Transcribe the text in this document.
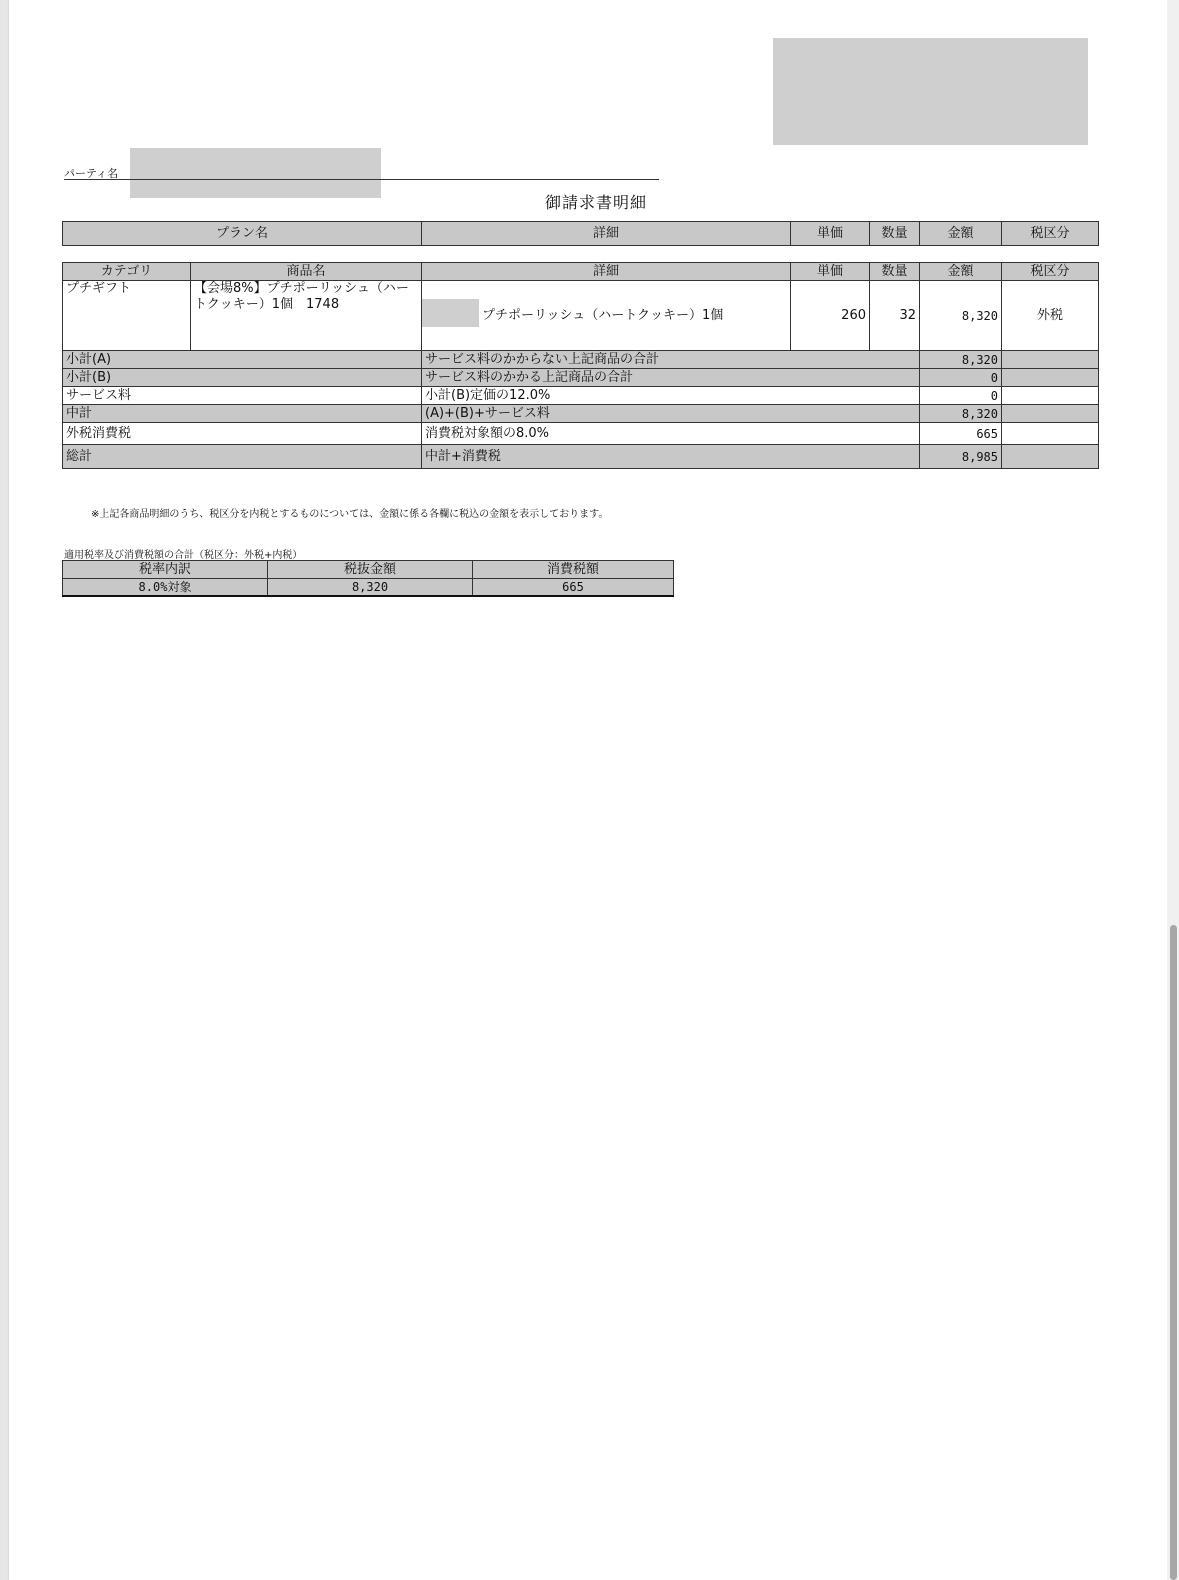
パーティ名
御請求書明細
プラン名	詳細	単価	数量	金額	税区分
カテゴリ	商品名	詳細	単価	数量	金額	税区分
プチギフト	【会場8%】プチポーリッシュ（ハートクッキー）1個　1748	プチポーリッシュ（ハートクッキー）1個	260	32	8,320	外税
小計(A)		サービス料のかからない上記商品の合計			8,320	
小計(B)		サービス料のかかる上記商品の合計			0	
サービス料		小計(B)定価の12.0%			0	
中計		(A)+(B)+サービス料			8,320	
外税消費税		消費税対象額の8.0%			665	
総計		中計+消費税			8,985	
※上記各商品明細のうち、税区分を内税とするものについては、金額に係る各欄に税込の金額を表示しております。
適用税率及び消費税額の合計（税区分：外税+内税）
税率内訳	税抜金額	消費税額
8.0%対象	8,320	665
